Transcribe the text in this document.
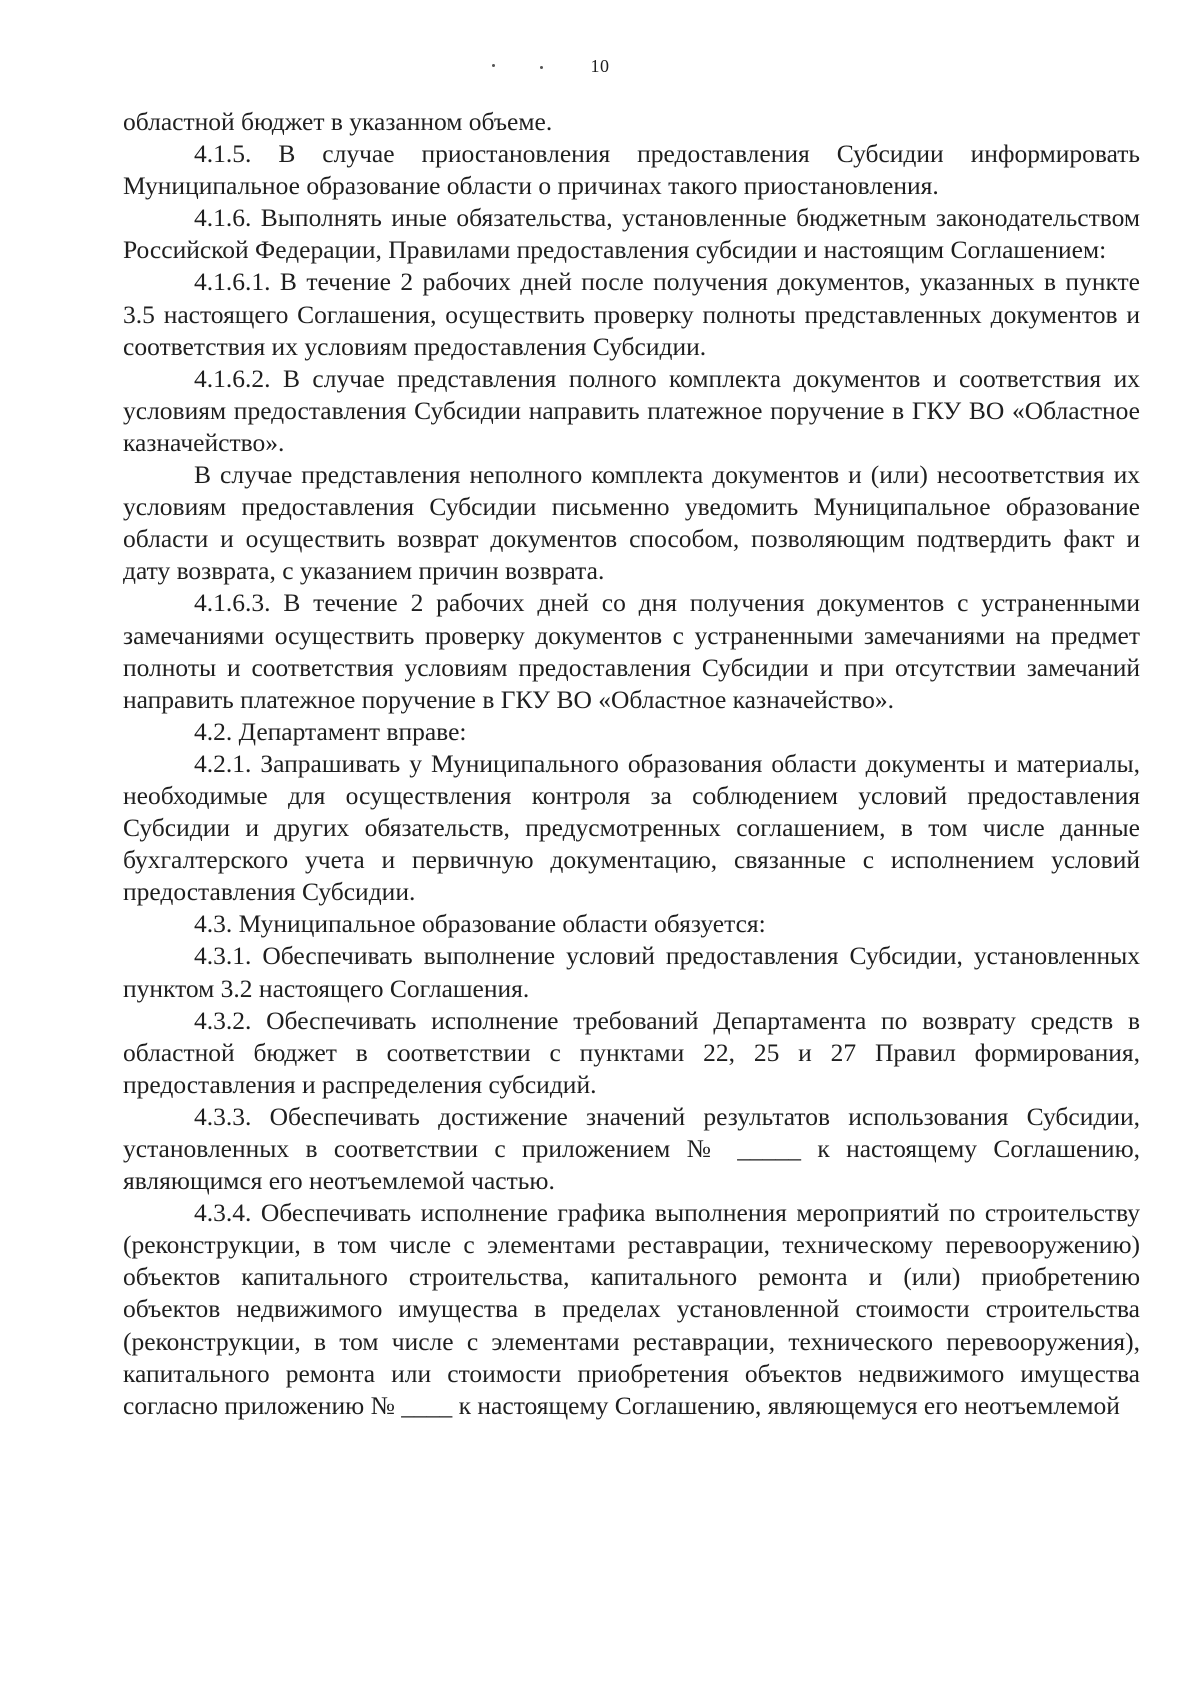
10

областной бюджет в указанном объеме.

4.1.5. В случае приостановления предоставления Субсидии информировать Муниципальное образование области о причинах такого приостановления.

4.1.6. Выполнять иные обязательства, установленные бюджетным законодательством Российской Федерации, Правилами предоставления субсидии и настоящим Соглашением:

4.1.6.1. В течение 2 рабочих дней после получения документов, указанных в пункте 3.5 настоящего Соглашения, осуществить проверку полноты представленных документов и соответствия их условиям предоставления Субсидии.

4.1.6.2. В случае представления полного комплекта документов и соответствия их условиям предоставления Субсидии направить платежное поручение в ГКУ ВО «Областное казначейство».

В случае представления неполного комплекта документов и (или) несоответствия их условиям предоставления Субсидии письменно уведомить Муниципальное образование области и осуществить возврат документов способом, позволяющим подтвердить факт и дату возврата, с указанием причин возврата.

4.1.6.3. В течение 2 рабочих дней со дня получения документов с устраненными замечаниями осуществить проверку документов с устраненными замечаниями на предмет полноты и соответствия условиям предоставления Субсидии и при отсутствии замечаний направить платежное поручение в ГКУ ВО «Областное казначейство».

4.2. Департамент вправе:

4.2.1. Запрашивать у Муниципального образования области документы и материалы, необходимые для осуществления контроля за соблюдением условий предоставления Субсидии и других обязательств, предусмотренных соглашением, в том числе данные бухгалтерского учета и первичную документацию, связанные с исполнением условий предоставления Субсидии.

4.3. Муниципальное образование области обязуется:

4.3.1. Обеспечивать выполнение условий предоставления Субсидии, установленных пунктом 3.2 настоящего Соглашения.

4.3.2. Обеспечивать исполнение требований Департамента по возврату средств в областной бюджет в соответствии с пунктами 22, 25 и 27 Правил формирования, предоставления и распределения субсидий.

4.3.3. Обеспечивать достижение значений результатов использования Субсидии, установленных в соответствии с приложением № _____ к настоящему Соглашению, являющимся его неотъемлемой частью.

4.3.4. Обеспечивать исполнение графика выполнения мероприятий по строительству (реконструкции, в том числе с элементами реставрации, техническому перевооружению) объектов капитального строительства, капитального ремонта и (или) приобретению объектов недвижимого имущества в пределах установленной стоимости строительства (реконструкции, в том числе с элементами реставрации, технического перевооружения), капитального ремонта или стоимости приобретения объектов недвижимого имущества согласно приложению № ____ к настоящему Соглашению, являющемуся его неотъемлемой
